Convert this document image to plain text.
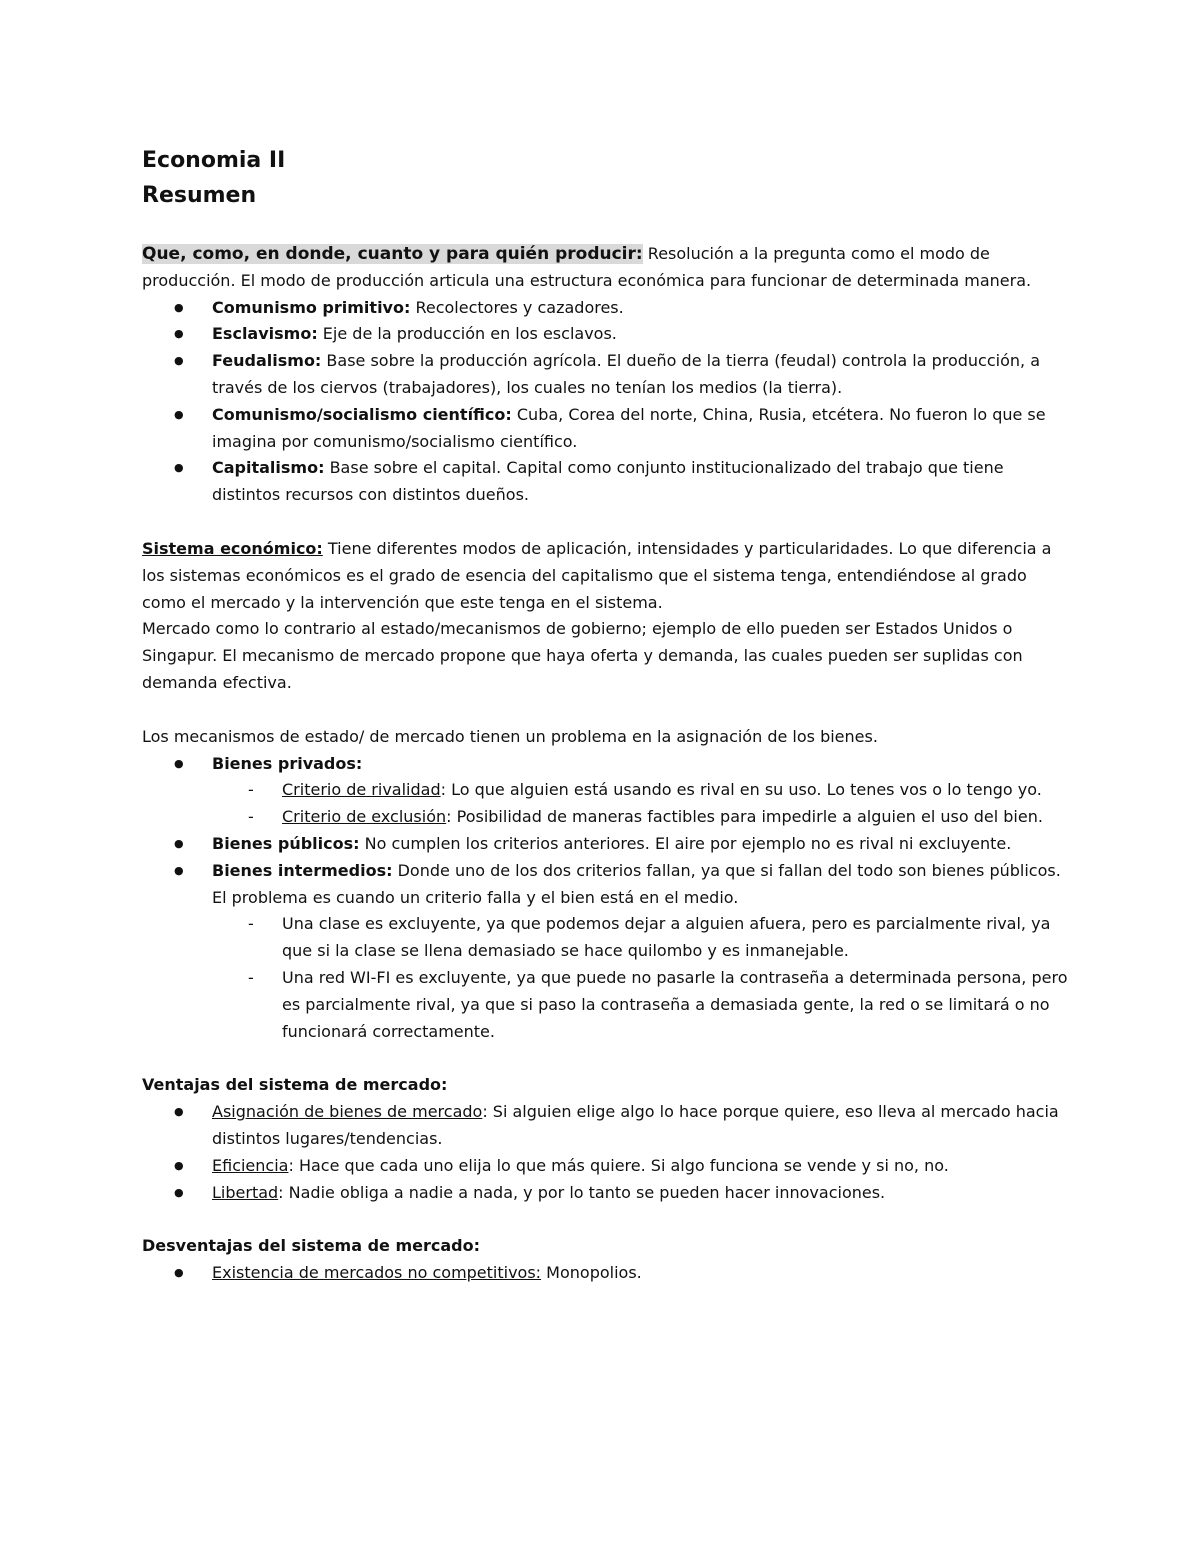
Economia II
Resumen

Que, como, en donde, cuanto y para quién producir: Resolución a la pregunta como el modo de producción. El modo de producción articula una estructura económica para funcionar de determinada manera.

● Comunismo primitivo: Recolectores y cazadores.
● Esclavismo: Eje de la producción en los esclavos.
● Feudalismo: Base sobre la producción agrícola. El dueño de la tierra (feudal) controla la producción, a través de los ciervos (trabajadores), los cuales no tenían los medios (la tierra).
● Comunismo/socialismo científico: Cuba, Corea del norte, China, Rusia, etcétera. No fueron lo que se imagina por comunismo/socialismo científico.
● Capitalismo: Base sobre el capital. Capital como conjunto institucionalizado del trabajo que tiene distintos recursos con distintos dueños.

Sistema económico: Tiene diferentes modos de aplicación, intensidades y particularidades. Lo que diferencia a los sistemas económicos es el grado de esencia del capitalismo que el sistema tenga, entendiéndose al grado como el mercado y la intervención que este tenga en el sistema.

Mercado como lo contrario al estado/mecanismos de gobierno; ejemplo de ello pueden ser Estados Unidos o Singapur. El mecanismo de mercado propone que haya oferta y demanda, las cuales pueden ser suplidas con demanda efectiva.

Los mecanismos de estado/ de mercado tienen un problema en la asignación de los bienes.

● Bienes privados:
- Criterio de rivalidad: Lo que alguien está usando es rival en su uso. Lo tenes vos o lo tengo yo.
- Criterio de exclusión: Posibilidad de maneras factibles para impedirle a alguien el uso del bien.
● Bienes públicos: No cumplen los criterios anteriores. El aire por ejemplo no es rival ni excluyente.
● Bienes intermedios: Donde uno de los dos criterios fallan, ya que si fallan del todo son bienes públicos. El problema es cuando un criterio falla y el bien está en el medio.
- Una clase es excluyente, ya que podemos dejar a alguien afuera, pero es parcialmente rival, ya que si la clase se llena demasiado se hace quilombo y es inmanejable.
- Una red WI-FI es excluyente, ya que puede no pasarle la contraseña a determinada persona, pero es parcialmente rival, ya que si paso la contraseña a demasiada gente, la red o se limitará o no funcionará correctamente.

Ventajas del sistema de mercado:

● Asignación de bienes de mercado: Si alguien elige algo lo hace porque quiere, eso lleva al mercado hacia distintos lugares/tendencias.
● Eficiencia: Hace que cada uno elija lo que más quiere. Si algo funciona se vende y si no, no.
● Libertad: Nadie obliga a nadie a nada, y por lo tanto se pueden hacer innovaciones.

Desventajas del sistema de mercado:

● Existencia de mercados no competitivos: Monopolios.
